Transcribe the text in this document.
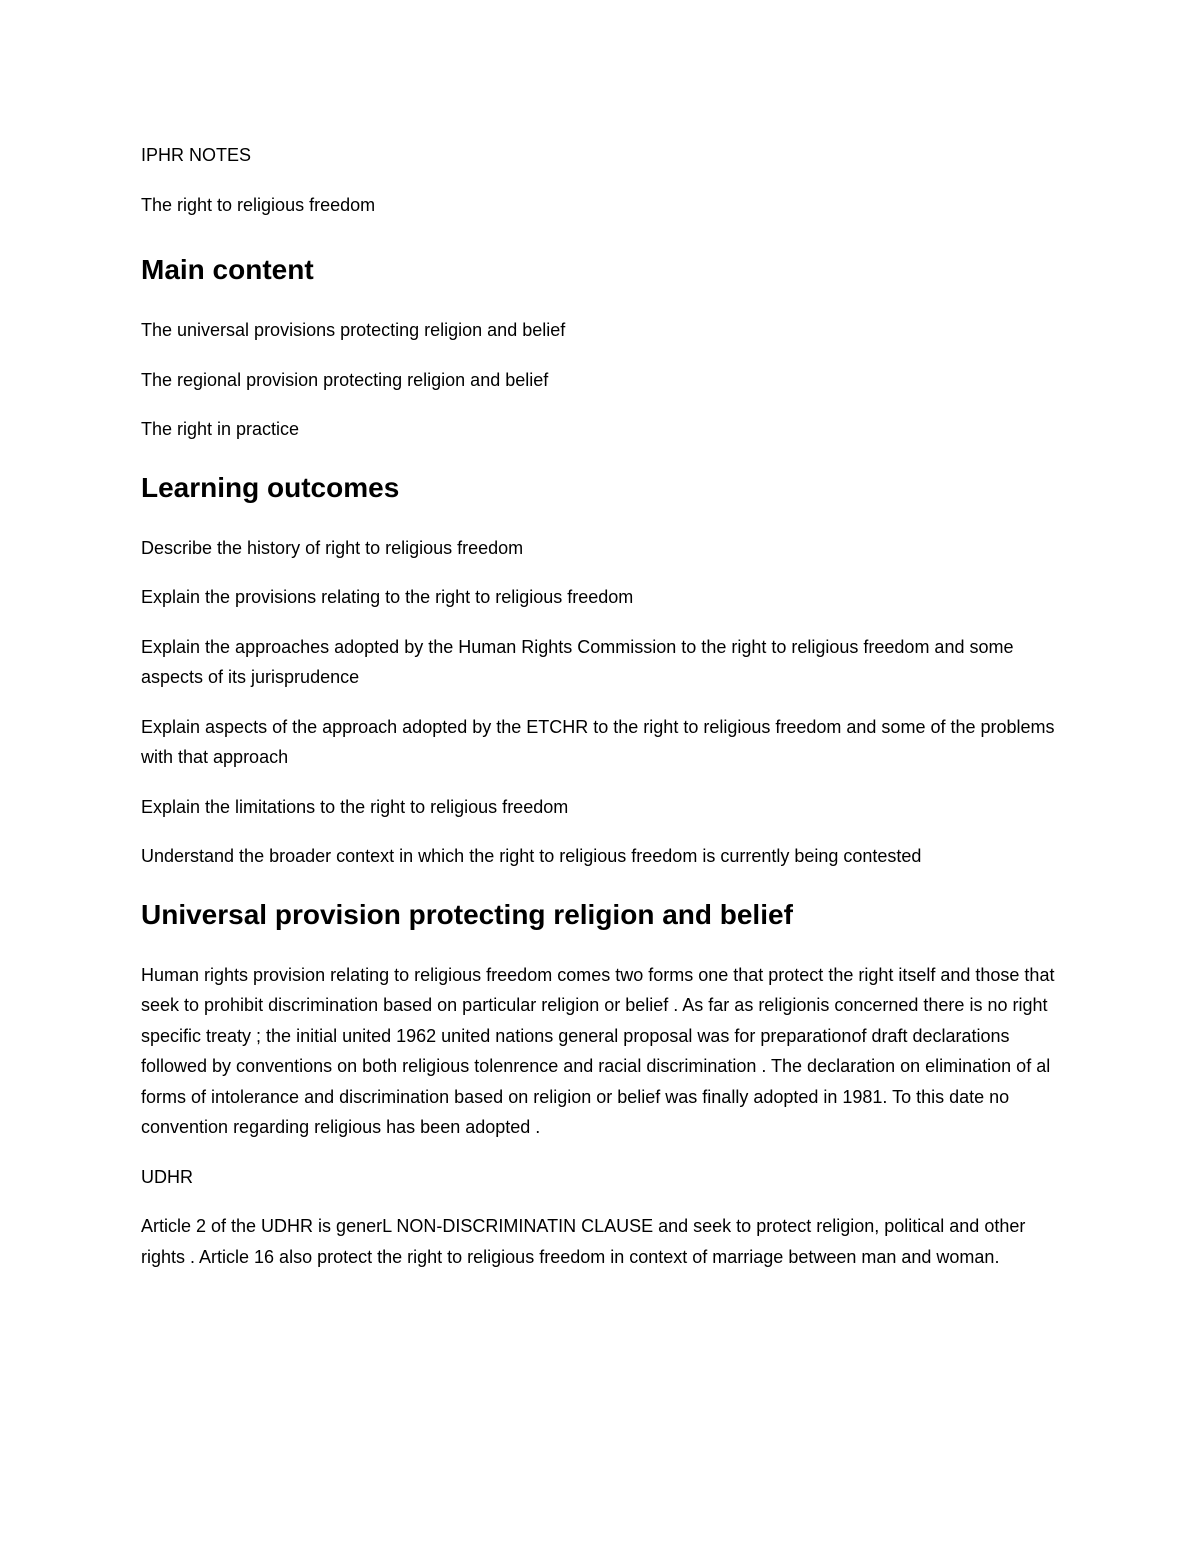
IPHR NOTES

The right to religious freedom

Main content

The universal provisions protecting religion and belief

The regional provision protecting religion and belief

The right in practice

Learning outcomes

Describe the history of right to religious freedom

Explain the provisions relating to the right to religious freedom

Explain the approaches adopted by the Human Rights Commission to the right to religious freedom and some aspects of its jurisprudence

Explain aspects of the approach adopted by the ETCHR to the right to religious freedom and some of the problems with that approach

Explain the limitations to the right to religious freedom

Understand the broader context in which the right to religious freedom is currently being contested

Universal provision protecting religion and belief

Human rights provision relating to religious freedom comes two forms one that protect the right itself and those that seek to prohibit discrimination based on particular religion or belief . As far as religionis concerned there is no right specific treaty ; the initial united 1962 united nations general proposal was for preparationof draft declarations followed by conventions on both religious tolenrence and racial discrimination . The declaration on elimination of al forms of intolerance and discrimination based on religion or belief was finally adopted in 1981. To this date no convention regarding religious has been adopted .

UDHR

Article 2 of the UDHR is generL NON-DISCRIMINATIN CLAUSE and seek to protect religion, political and other rights . Article 16 also protect the right to religious freedom in context of marriage between man and woman.
